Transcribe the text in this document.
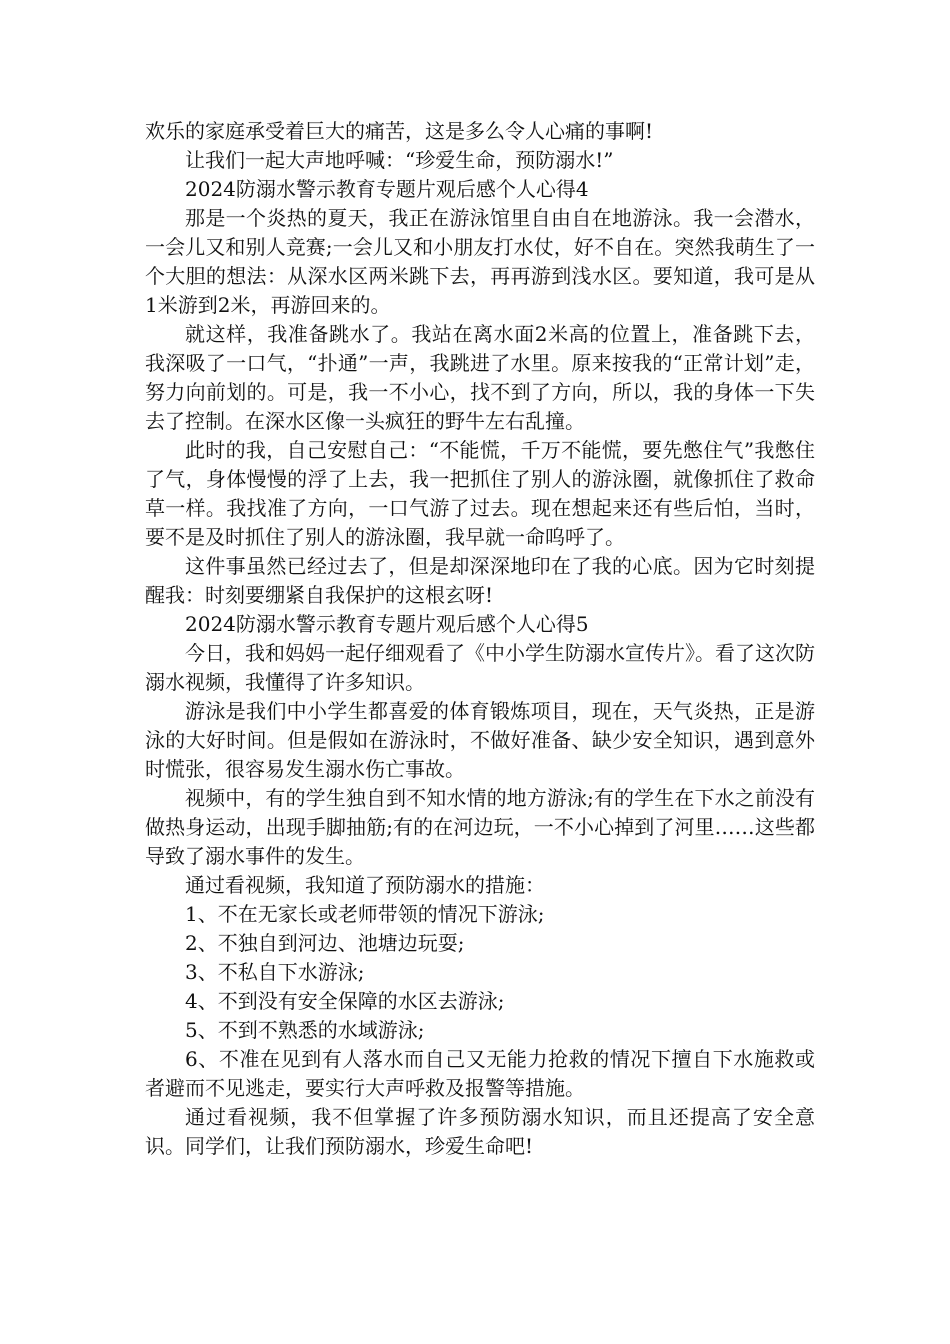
欢乐的家庭承受着巨大的痛苦，这是多么令人心痛的事啊!

让我们一起大声地呼喊：“珍爱生命，预防溺水!”

2024防溺水警示教育专题片观后感个人心得4

那是一个炎热的夏天，我正在游泳馆里自由自在地游泳。我一会潜水，一会儿又和别人竞赛;一会儿又和小朋友打水仗，好不自在。突然我萌生了一个大胆的想法：从深水区两米跳下去，再再游到浅水区。要知道，我可是从1米游到2米，再游回来的。

就这样，我准备跳水了。我站在离水面2米高的位置上，准备跳下去，我深吸了一口气，“扑通”一声，我跳进了水里。原来按我的“正常计划”走，努力向前划的。可是，我一不小心，找不到了方向，所以，我的身体一下失去了控制。在深水区像一头疯狂的野牛左右乱撞。

此时的我，自己安慰自己：“不能慌，千万不能慌，要先憋住气”我憋住了气，身体慢慢的浮了上去，我一把抓住了别人的游泳圈，就像抓住了救命草一样。我找准了方向，一口气游了过去。现在想起来还有些后怕，当时，要不是及时抓住了别人的游泳圈，我早就一命呜呼了。

这件事虽然已经过去了，但是却深深地印在了我的心底。因为它时刻提醒我：时刻要绷紧自我保护的这根玄呀!

2024防溺水警示教育专题片观后感个人心得5

今日，我和妈妈一起仔细观看了《中小学生防溺水宣传片》。看了这次防溺水视频，我懂得了许多知识。

游泳是我们中小学生都喜爱的体育锻炼项目，现在，天气炎热，正是游泳的大好时间。但是假如在游泳时，不做好准备、缺少安全知识，遇到意外时慌张，很容易发生溺水伤亡事故。

视频中，有的学生独自到不知水情的地方游泳;有的学生在下水之前没有做热身运动，出现手脚抽筋;有的在河边玩，一不小心掉到了河里……这些都导致了溺水事件的发生。

通过看视频，我知道了预防溺水的措施：

1、不在无家长或老师带领的情况下游泳;

2、不独自到河边、池塘边玩耍;

3、不私自下水游泳;

4、不到没有安全保障的水区去游泳;

5、不到不熟悉的水域游泳;

6、不准在见到有人落水而自己又无能力抢救的情况下擅自下水施救或者避而不见逃走，要实行大声呼救及报警等措施。

通过看视频，我不但掌握了许多预防溺水知识，而且还提高了安全意识。同学们，让我们预防溺水，珍爱生命吧!
